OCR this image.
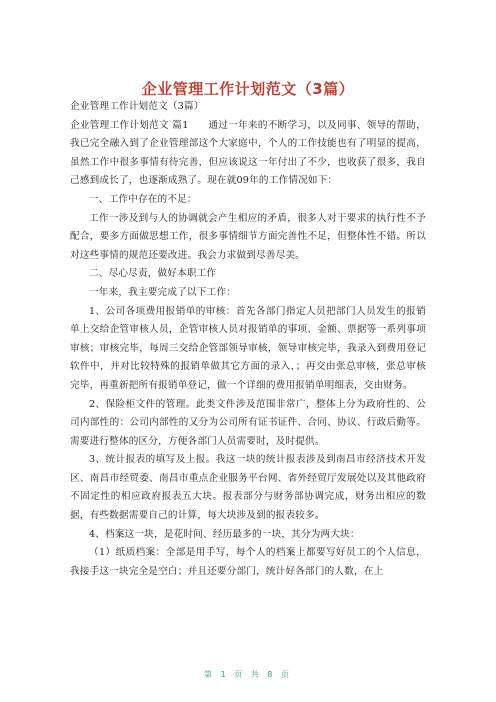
企业管理工作计划范文（3篇）

企业管理工作计划范文（3篇）

企业管理工作计划范文 篇1　　通过一年来的不断学习，以及同事、领导的帮助，我已完全融入到了企业管理部这个大家庭中，个人的工作技能也有了明显的提高，虽然工作中很多事情有待完善，但应该说这一年付出了不少，也收获了很多，我自己感到成长了，也逐渐成熟了。现在就09年的工作情况如下：

一、工作中存在的不足：

工作一涉及到与人的协调就会产生相应的矛盾，很多人对于要求的执行性不予配合，要多方面做思想工作，很多事情细节方面完善性不足，但整体性不错。所以对这些事情的规范还要改进。我会力求做到尽善尽美。

二、尽心尽责，做好本职工作

一年来，我主要完成了以下工作：

1、公司各项费用报销单的审核：首先各部门指定人员把部门人员发生的报销单上交给企管审核人员，企管审核人员对报销单的事项、金额、票据等一系列事项审核；审核完毕，每周三交给企管部领导审核，领导审核完毕，我录入到费用登记软件中，并对比较特殊的报销单做其它方面的录入，；再交由张总审核，张总审核完毕，再重新把所有报销单登记，做一个详细的费用报销单明细表，交由财务。

2、保险柜文件的管理。此类文件涉及范围非常广，整体上分为政府性的、公司内部性的：公司内部性的又分为公司所有证书证件、合同、协议、行政后勤等。需要进行整体的区分，方便各部门人员需要时，及时提供。

3、统计报表的填写及上报。我这一块的统计报表涉及到南昌市经济技术开发区、南昌市经贸委、南昌市重点企业服务平台网、省外经贸厅发展处以及其他政府不固定性的相应政府报表五大块。报表部分与财务部协调完成，财务出相应的数据，有些数据需要自己的计算，每大块涉及到的报表较多。

4、档案这一块，是花时间、经历最多的一块，其分为两大块：

（1）纸质档案：全部是用手写，每个人的档案上都要写好员工的个人信息，我接手这一块完全是空白；并且还要分部门，统计好各部门的人数，在上

第 1 页 共 8 页
